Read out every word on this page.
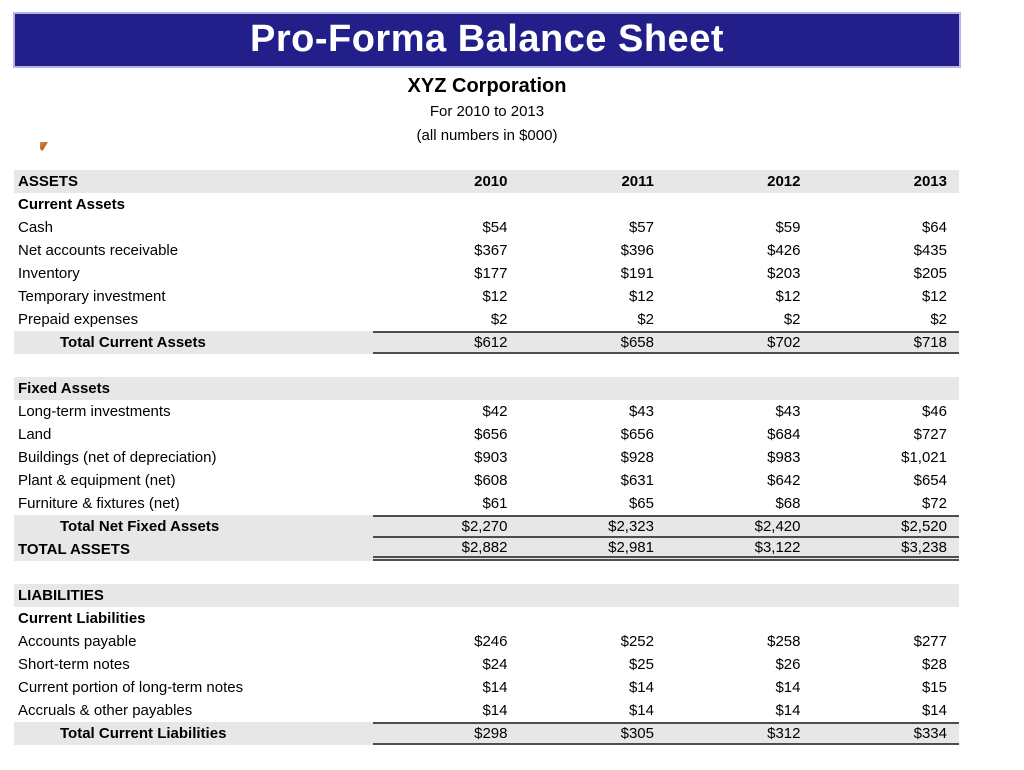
Pro-Forma Balance Sheet
XYZ Corporation
For 2010 to 2013
(all numbers in $000)
ASSETS	2010	2011	2012	2013
Current Assets
Cash	$54	$57	$59	$64
Net accounts receivable	$367	$396	$426	$435
Inventory	$177	$191	$203	$205
Temporary investment	$12	$12	$12	$12
Prepaid expenses	$2	$2	$2	$2
Total Current Assets	$612	$658	$702	$718
Fixed Assets
Long-term investments	$42	$43	$43	$46
Land	$656	$656	$684	$727
Buildings (net of depreciation)	$903	$928	$983	$1,021
Plant & equipment (net)	$608	$631	$642	$654
Furniture & fixtures (net)	$61	$65	$68	$72
Total Net Fixed Assets	$2,270	$2,323	$2,420	$2,520
TOTAL ASSETS	$2,882	$2,981	$3,122	$3,238
LIABILITIES
Current Liabilities
Accounts payable	$246	$252	$258	$277
Short-term notes	$24	$25	$26	$28
Current portion of long-term notes	$14	$14	$14	$15
Accruals & other payables	$14	$14	$14	$14
Total Current Liabilities	$298	$305	$312	$334
